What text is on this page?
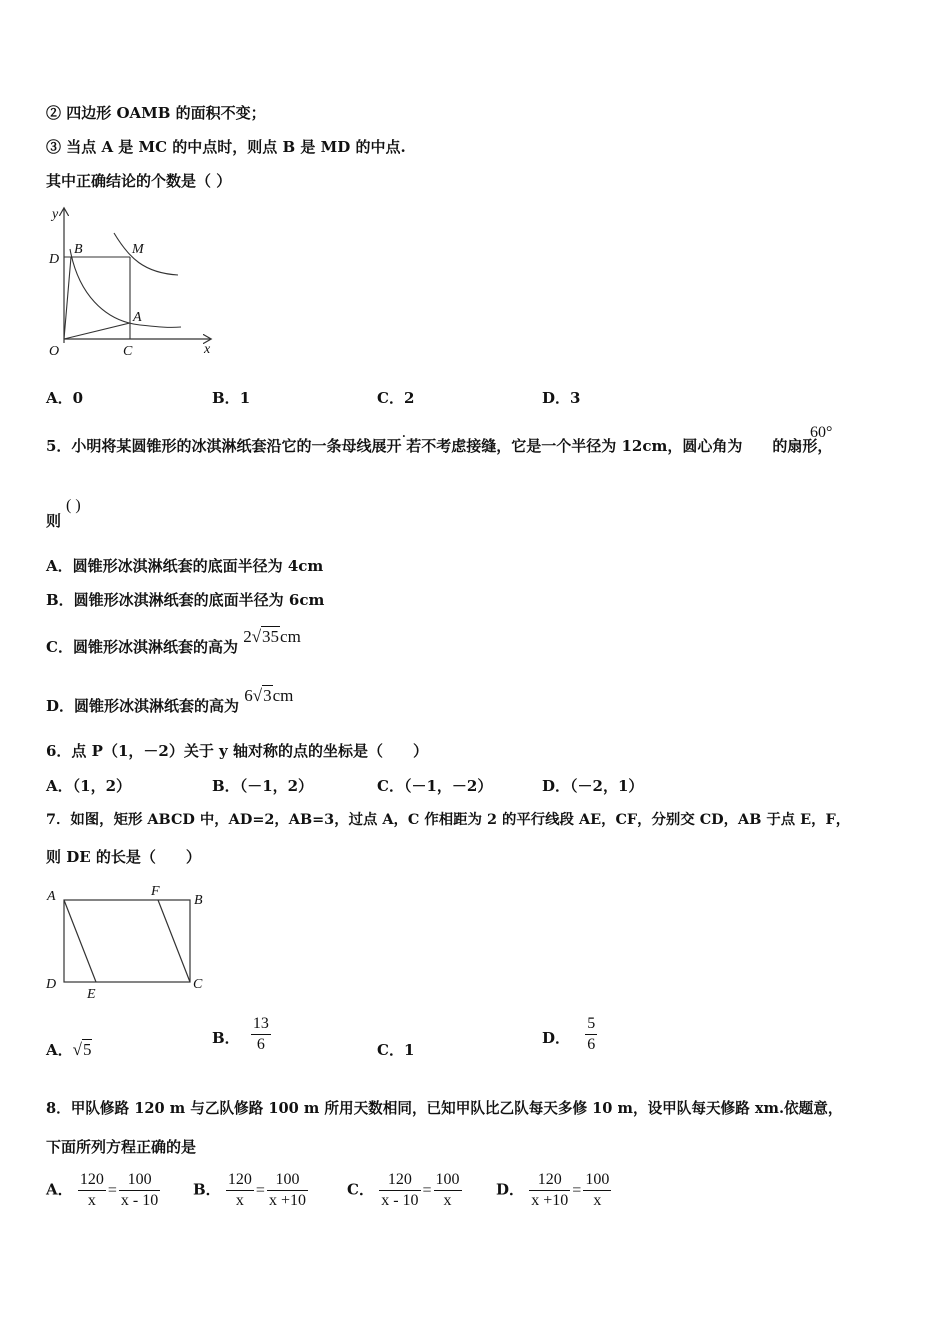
② 四边形 OAMB 的面积不变；
③ 当点 A 是 MC 的中点时，则点 B 是 MD 的中点.
其中正确结论的个数是（ ）
y
x
O
D
B	M
A
C
A．0	B．1	C．2	D．3
5．小明将某圆锥形的冰淇淋纸套沿它的一条母线展开·若不考虑接缝，它是一个半径为 12cm，圆心角为 的扇形，
60°
则
( )
A．圆锥形冰淇淋纸套的底面半径为 4cm
B．圆锥形冰淇淋纸套的底面半径为 6cm
C．圆锥形冰淇淋纸套的高为 2√35cm
D．圆锥形冰淇淋纸套的高为 6√3cm
6．点 P（1，－2）关于 y 轴对称的点的坐标是（　　）
A．（1，2）	B．（－1，2）	C．（－1，－2）	D．（－2，1）
7．如图，矩形 ABCD 中，AD=2，AB=3，过点 A，C 作相距为 2 的平行线段 AE，CF，分别交 CD，AB 于点 E，F，
则 DE 的长是（　　）
A	F
B
D
E
C
A．√5
B． $\frac{13}{6}$	C．1
D． $\frac{5}{6}$
8．甲队修路 120 m 与乙队修路 100 m 所用天数相同，已知甲队比乙队每天多修 10 m，设甲队每天修路 xm.依题意，
下面所列方程正确的是
A． $\frac{120}{x} = \frac{100}{x - 10}$ B． $\frac{120}{x} = \frac{100}{x +10}$	C． $\frac{120}{x - 10} = \frac{100}{x}$ D． $\frac{120}{x +10} = \frac{100}{x}$
